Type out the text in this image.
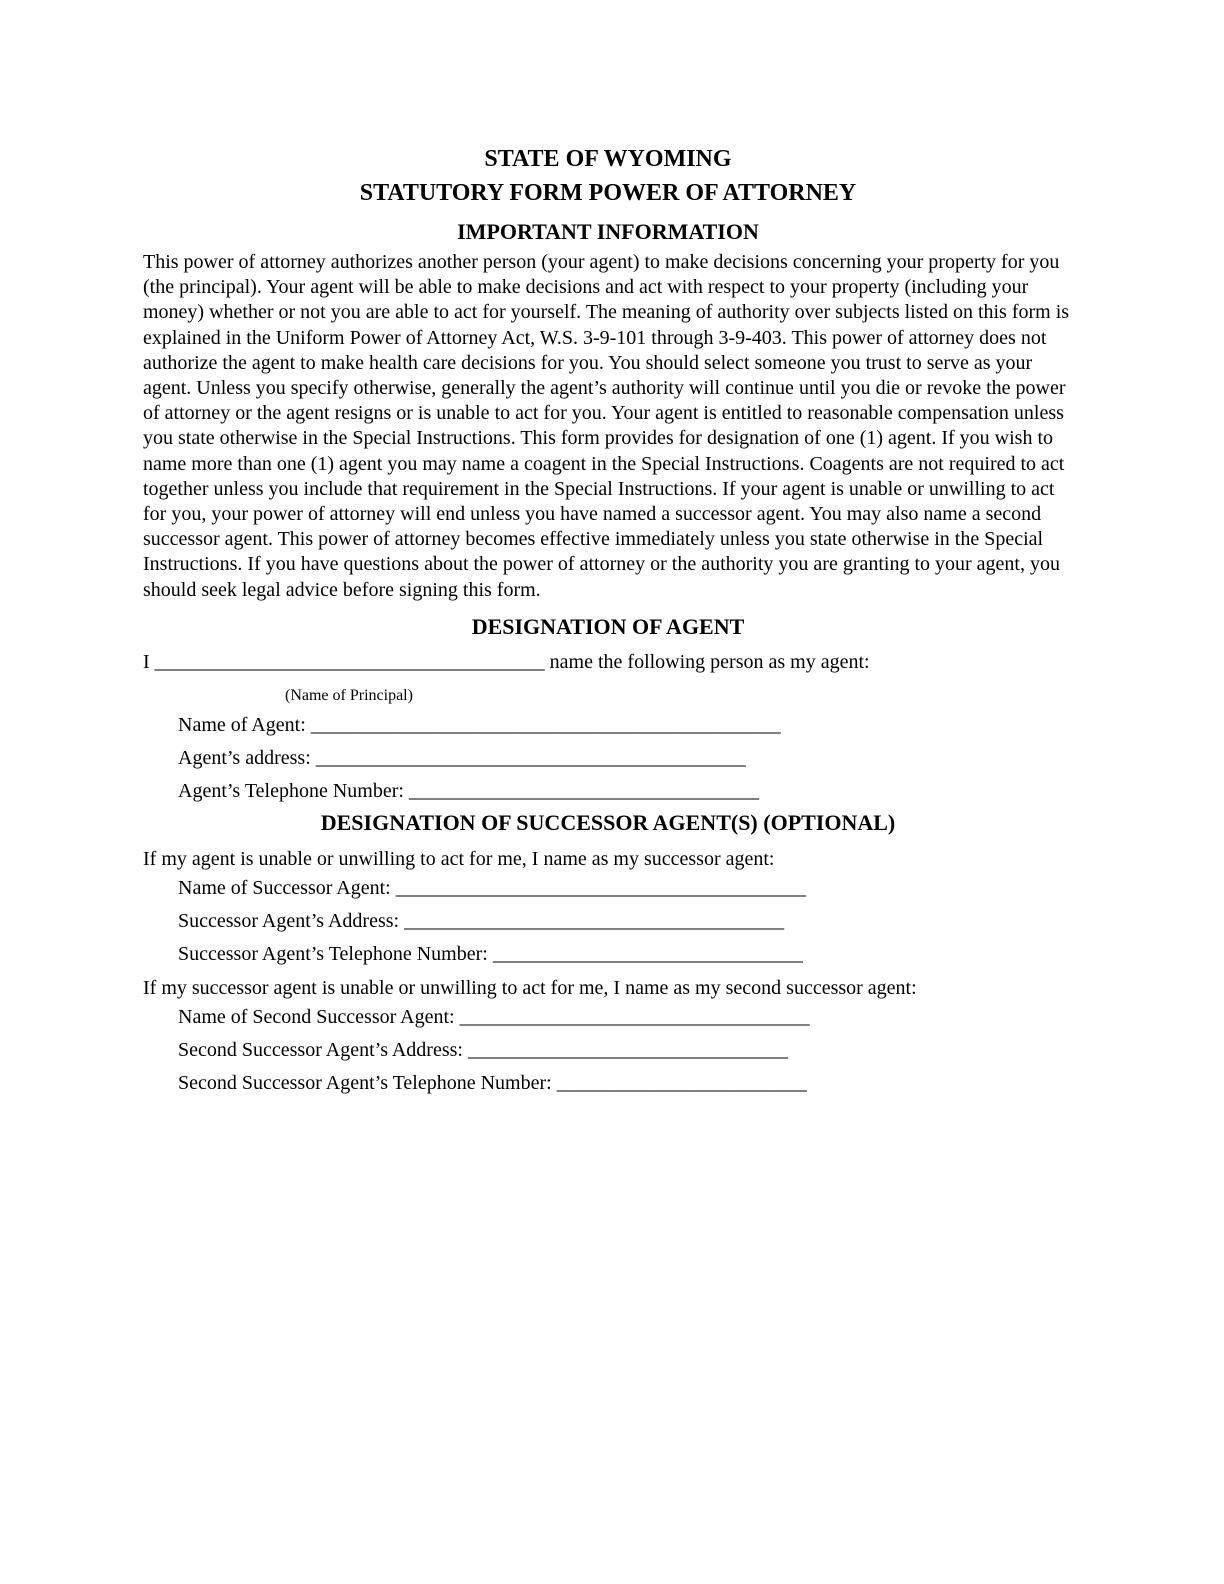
STATE OF WYOMING
STATUTORY FORM POWER OF ATTORNEY
IMPORTANT INFORMATION

This power of attorney authorizes another person (your agent) to make decisions concerning your property for you (the principal). Your agent will be able to make decisions and act with respect to your property (including your money) whether or not you are able to act for yourself. The meaning of authority over subjects listed on this form is explained in the Uniform Power of Attorney Act, W.S. 3-9-101 through 3-9-403. This power of attorney does not authorize the agent to make health care decisions for you. You should select someone you trust to serve as your agent. Unless you specify otherwise, generally the agent’s authority will continue until you die or revoke the power of attorney or the agent resigns or is unable to act for you. Your agent is entitled to reasonable compensation unless you state otherwise in the Special Instructions. This form provides for designation of one (1) agent. If you wish to name more than one (1) agent you may name a coagent in the Special Instructions. Coagents are not required to act together unless you include that requirement in the Special Instructions. If your agent is unable or unwilling to act for you, your power of attorney will end unless you have named a successor agent. You may also name a second successor agent. This power of attorney becomes effective immediately unless you state otherwise in the Special Instructions. If you have questions about the power of attorney or the authority you are granting to your agent, you should seek legal advice before signing this form.

DESIGNATION OF AGENT
I _______________________________________ name the following person as my agent:
(Name of Principal)
Name of Agent: _______________________________________________
Agent’s address: ___________________________________________
Agent’s Telephone Number: ___________________________________
DESIGNATION OF SUCCESSOR AGENT(S) (OPTIONAL)
If my agent is unable or unwilling to act for me, I name as my successor agent:
Name of Successor Agent: _________________________________________
Successor Agent’s Address: ______________________________________
Successor Agent’s Telephone Number: _______________________________
If my successor agent is unable or unwilling to act for me, I name as my second successor agent:
Name of Second Successor Agent: ___________________________________
Second Successor Agent’s Address: ________________________________
Second Successor Agent’s Telephone Number: _________________________
